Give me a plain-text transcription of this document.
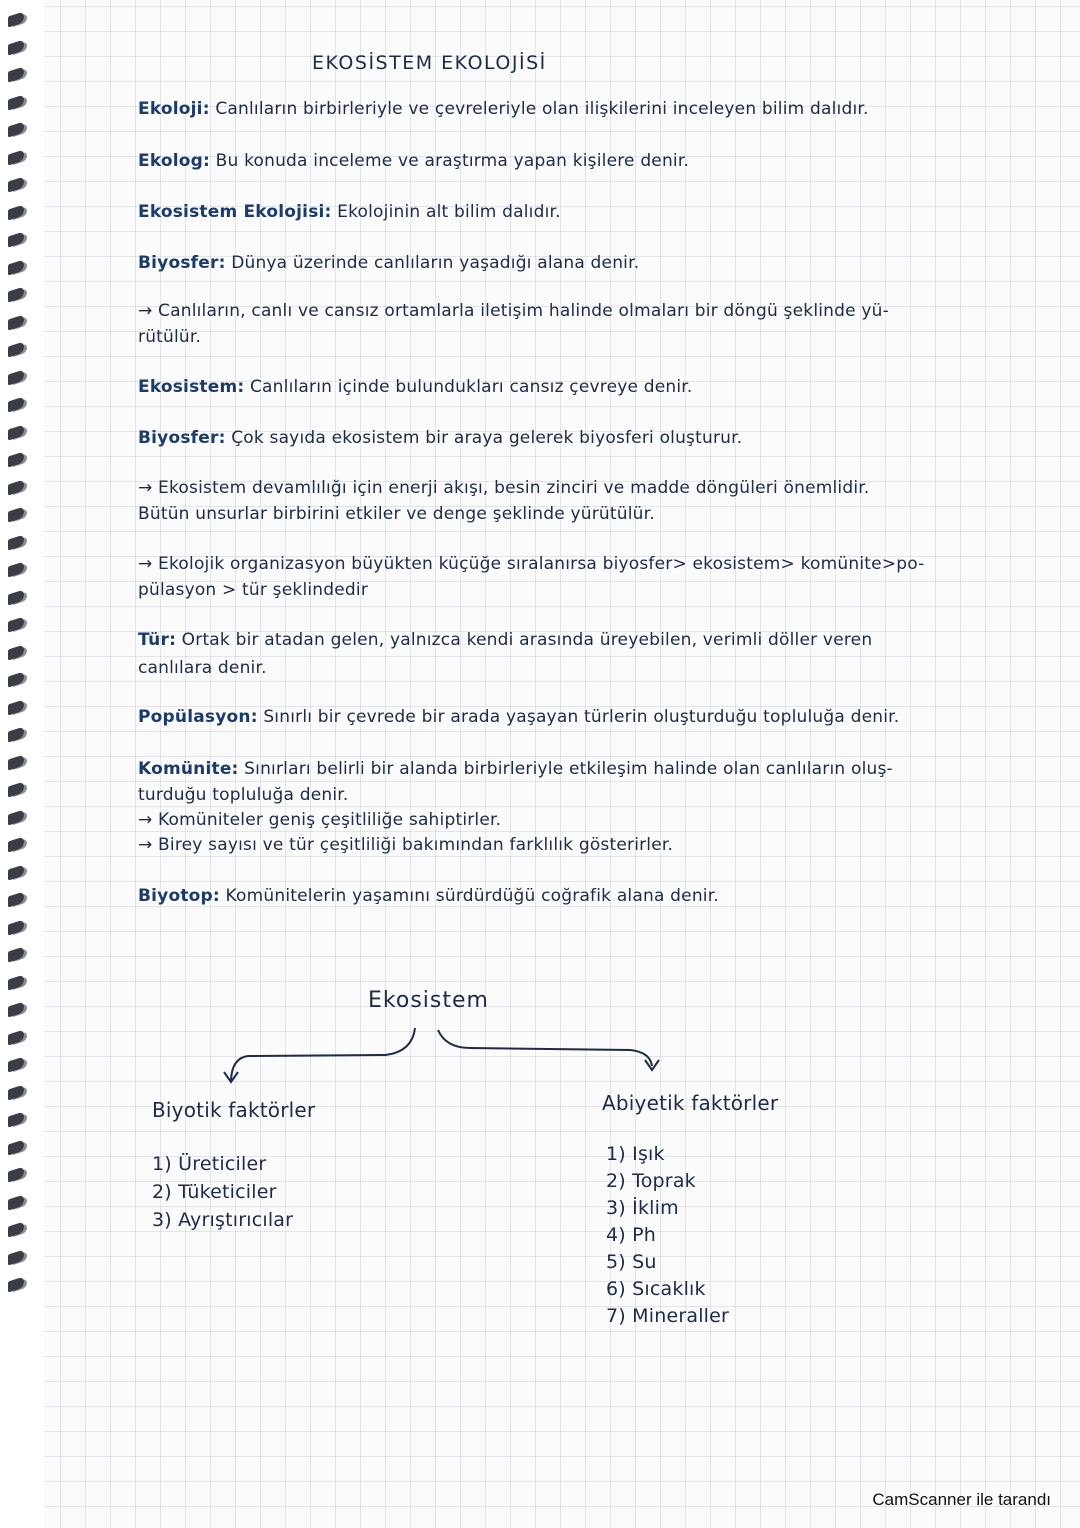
EKOSİSTEM EKOLOJİSİ
Ekoloji: Canlıların birbirleriyle ve çevreleriyle olan ilişkilerini inceleyen bilim dalıdır.
Ekolog: Bu konuda inceleme ve araştırma yapan kişilere denir.
Ekosistem Ekolojisi: Ekolojinin alt bilim dalıdır.
Biyosfer: Dünya üzerinde canlıların yaşadığı alana denir.
→ Canlıların, canlı ve cansız ortamlarla iletişim halinde olmaları bir döngü şeklinde yü-
rütülür.
Ekosistem: Canlıların içinde bulundukları cansız çevreye denir.
Biyosfer: Çok sayıda ekosistem bir araya gelerek biyosferi oluşturur.
→ Ekosistem devamlılığı için enerji akışı, besin zinciri ve madde döngüleri önemlidir.
Bütün unsurlar birbirini etkiler ve denge şeklinde yürütülür.
→ Ekolojik organizasyon büyükten küçüğe sıralanırsa biyosfer> ekosistem> komünite>po-
pülasyon > tür şeklindedir
Tür: Ortak bir atadan gelen, yalnızca kendi arasında üreyebilen, verimli döller veren
canlılara denir.
Popülasyon: Sınırlı bir çevrede bir arada yaşayan türlerin oluşturduğu topluluğa denir.
Komünite: Sınırları belirli bir alanda birbirleriyle etkileşim halinde olan canlıların oluş-
turduğu topluluğa denir.
→ Komüniteler geniş çeşitliliğe sahiptirler.
→ Birey sayısı ve tür çeşitliliği bakımından farklılık gösterirler.
Biyotop: Komünitelerin yaşamını sürdürdüğü coğrafik alana denir.
Ekosistem
Biyotik faktörler
1) Üreticiler
2) Tüketiciler
3) Ayrıştırıcılar
Abiyetik faktörler
1) Işık
2) Toprak
3) İklim
4) Ph
5) Su
6) Sıcaklık
7) Mineraller
CamScanner ile tarandı
